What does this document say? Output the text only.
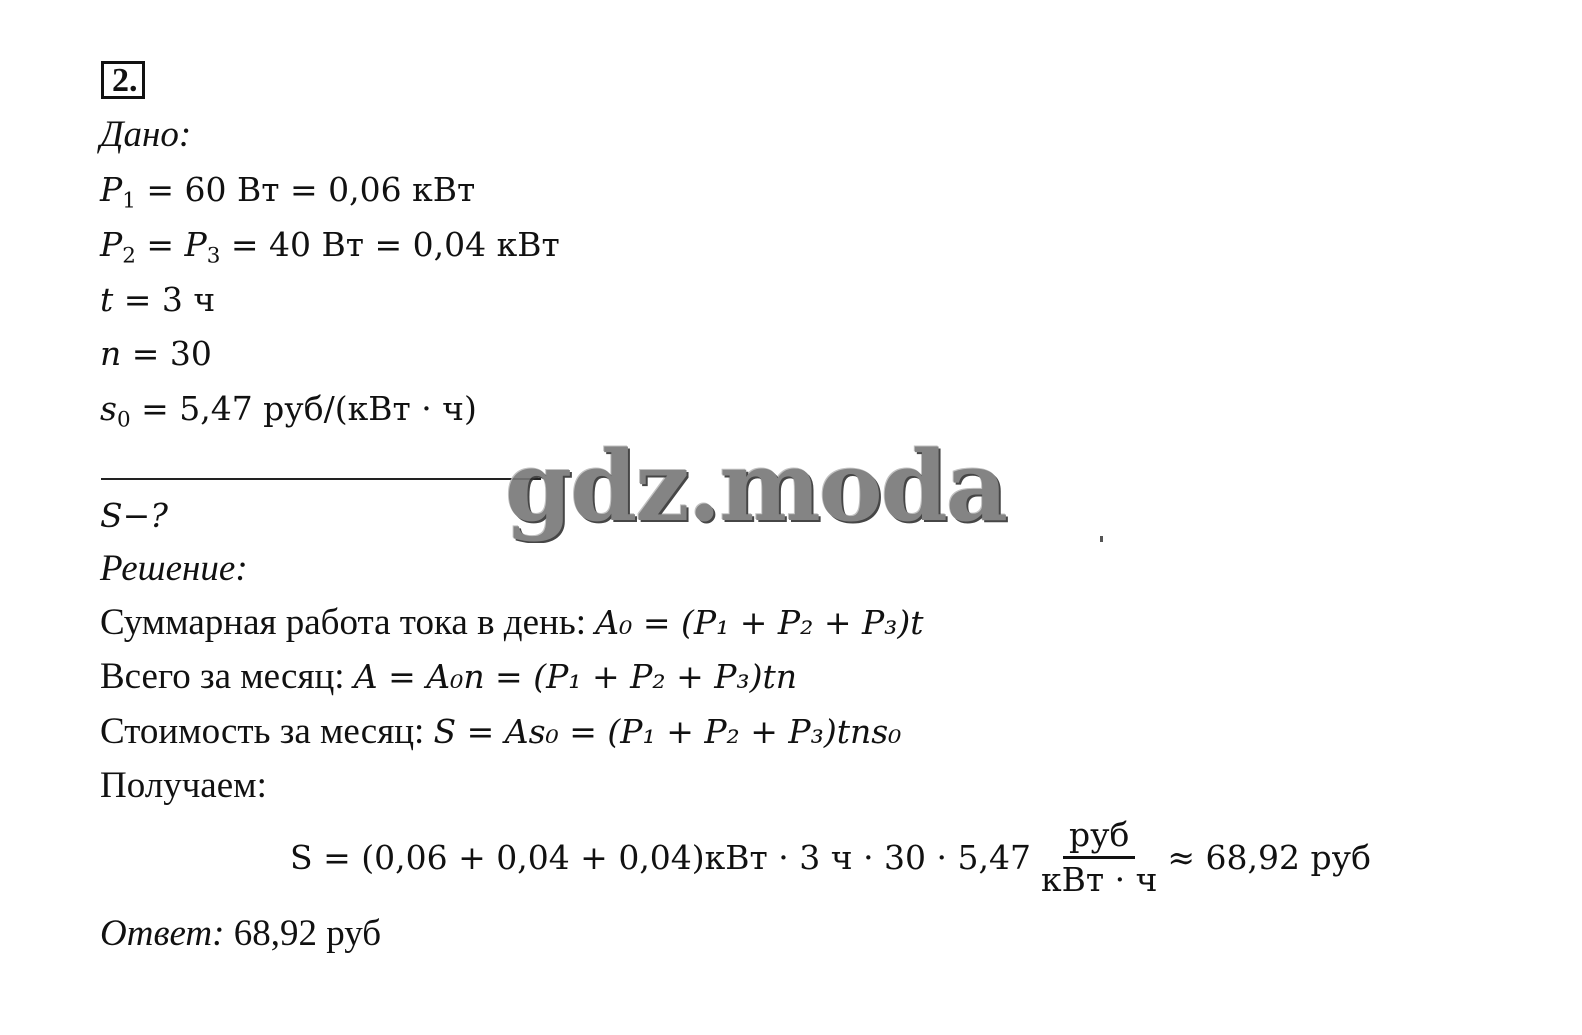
2.
Дано:
$P_1 = 60$ Вт = 0,06 кВт
$P_2 = P_3 = 40$ Вт = 0,04 кВт
t = 3 ч
n = 30
$s_0 = 5,47$ руб/(кВт · ч)
gdz.moda
S−?
Решение:
Суммарная работа тока в день: A₀ = (P₁ + P₂ + P₃)t
Всего за месяц: A = A₀n = (P₁ + P₂ + P₃)tn
Стоимость за месяц: S = As₀ = (P₁ + P₂ + P₃)tns₀
Получаем:
S = (0,06 + 0,04 + 0,04)кВт · 3 $ч \cdot 30 \cdot 5,47 \frac{\text{руб}}{\text{кВт · ч}} \approx 68,92$ руб
Ответ: 68,92 руб
